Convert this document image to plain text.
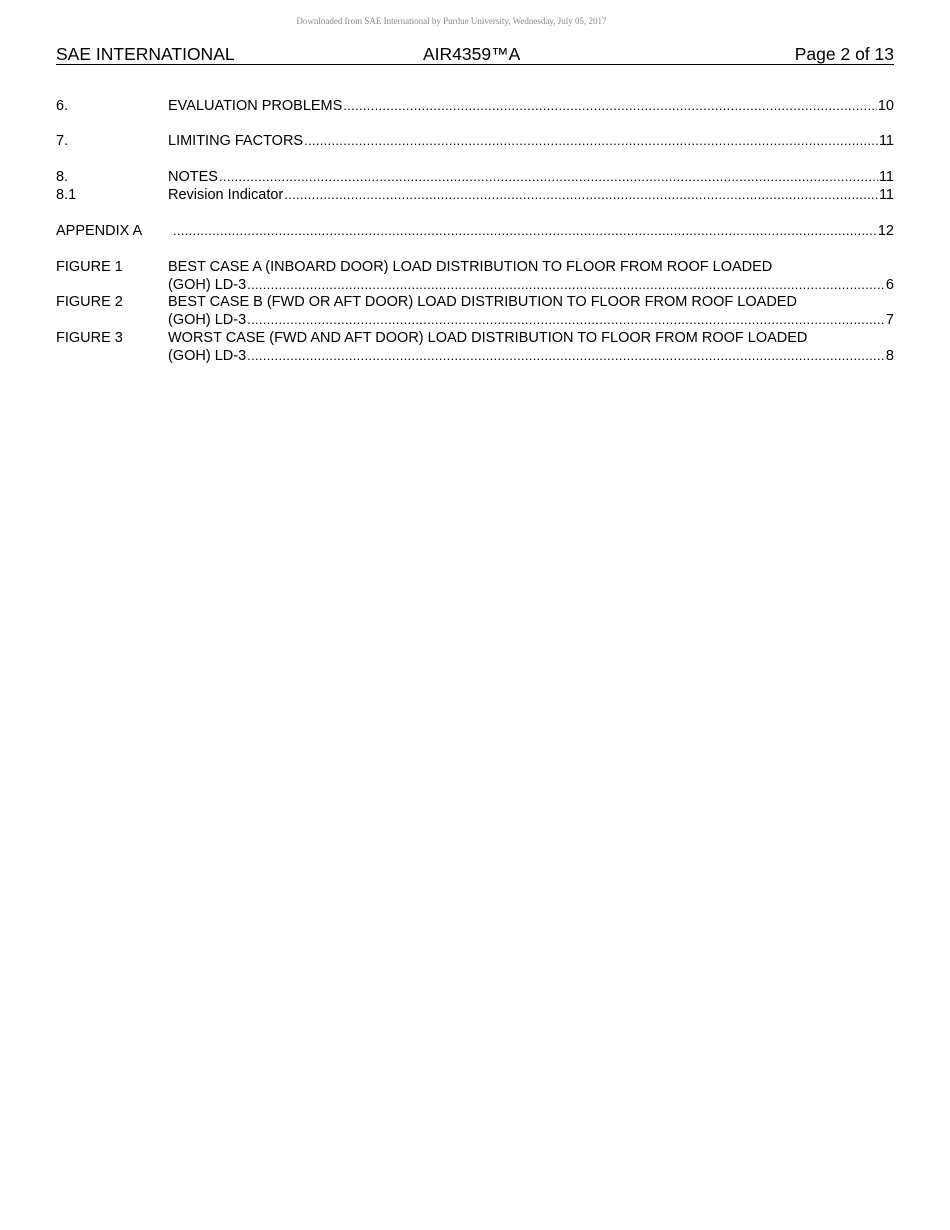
Downloaded from SAE International by Purdue University, Wednesday, July 05, 2017
SAE INTERNATIONAL	AIR4359™A	Page 2 of 13
6.	EVALUATION PROBLEMS .....	10
7.	LIMITING FACTORS .....	11
8.	NOTES .....	11
8.1	Revision Indicator .....	11
APPENDIX A .....	12
FIGURE 1	BEST CASE A (INBOARD DOOR) LOAD DISTRIBUTION TO FLOOR FROM ROOF LOADED
(GOH) LD-3 .....	6
FIGURE 2	BEST CASE B (FWD OR AFT DOOR) LOAD DISTRIBUTION TO FLOOR FROM ROOF LOADED
(GOH) LD-3 .....	7
FIGURE 3	WORST CASE (FWD AND AFT DOOR) LOAD DISTRIBUTION TO FLOOR FROM ROOF LOADED
(GOH) LD-3 .....	8
